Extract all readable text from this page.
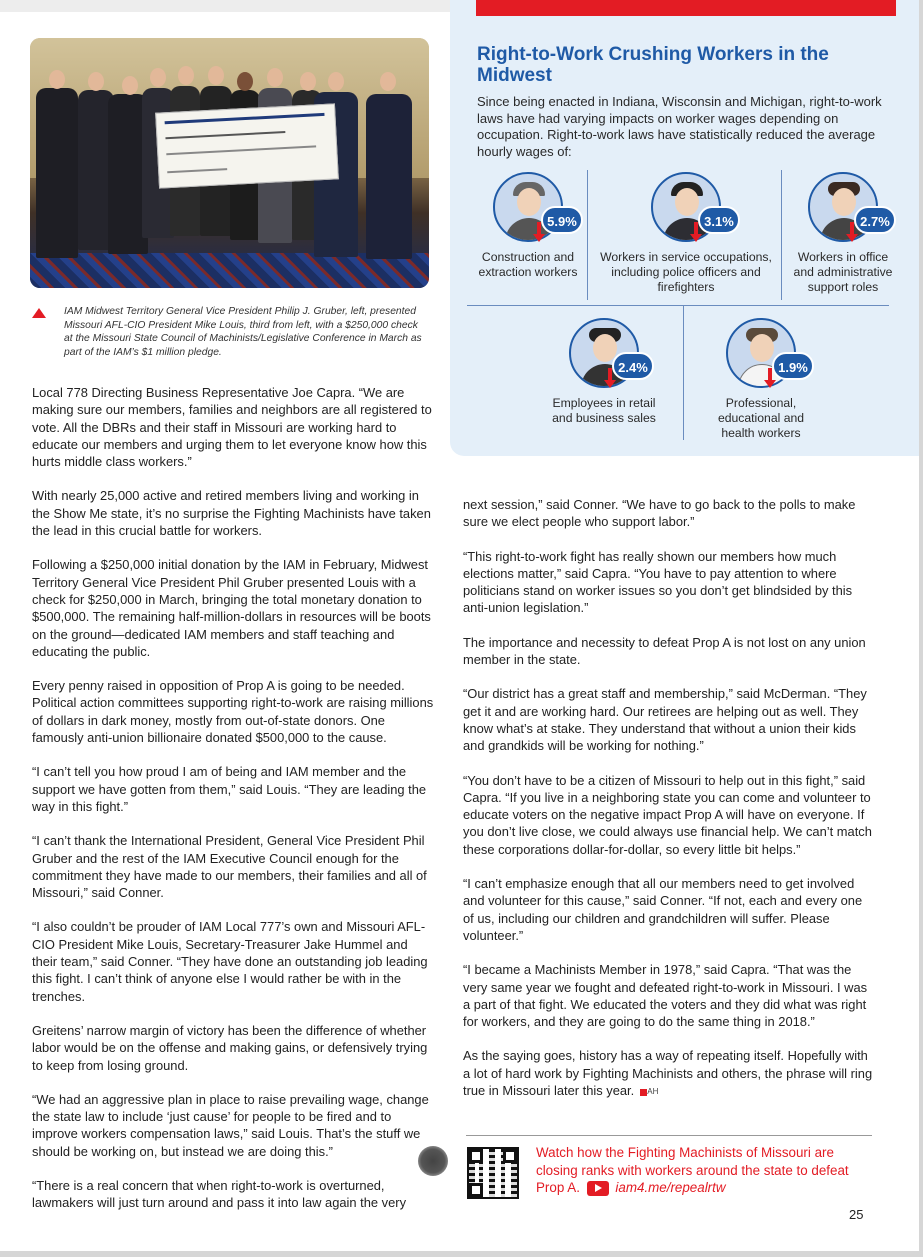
Right-to-Work Crushing Workers in the Midwest
Since being enacted in Indiana, Wisconsin and Michigan, right-to-work laws have had varying impacts on worker wages depending on occupation. Right-to-work laws have statistically reduced the average hourly wages of:
5.9%
Construction and extraction workers
3.1%
Workers in service occupations, including police officers and firefighters
2.7%
Workers in office and administrative support roles
2.4%
Employees in retail and business sales
1.9%
Professional, educational and health workers
IAM Midwest Territory General Vice President Philip J. Gruber, left, presented Missouri AFL-CIO President Mike Louis, third from left, with a $250,000 check at the Missouri State Council of Machinists/Legislative Conference in March as part of the IAM’s $1 million pledge.

Local 778 Directing Business Representative Joe Capra. “We are making sure our members, families and neighbors are all registered to vote. All the DBRs and their staff in Missouri are working hard to educate our members and urging them to let everyone know how this hurts middle class workers.”

With nearly 25,000 active and retired members living and working in the Show Me state, it’s no surprise the Fighting Machinists have taken the lead in this crucial battle for workers.

Following a $250,000 initial donation by the IAM in February, Midwest Territory General Vice President Phil Gruber presented Louis with a check for $250,000 in March, bringing the total monetary donation to $500,000. The remaining half-million-dollars in resources will be boots on the ground—dedicated IAM members and staff teaching and educating the public.

Every penny raised in opposition of Prop A is going to be needed. Political action committees supporting right-to-work are raising millions of dollars in dark money, mostly from out-of-state donors. One famously anti-union billionaire donated $500,000 to the cause.

“I can’t tell you how proud I am of being and IAM member and the support we have gotten from them,” said Louis. “They are leading the way in this fight.”

“I can’t thank the International President, General Vice President Phil Gruber and the rest of the IAM Executive Council enough for the commitment they have made to our members, their families and all of Missouri,” said Conner.

“I also couldn’t be prouder of IAM Local 777’s own and Missouri AFL-CIO President Mike Louis, Secretary-Treasurer Jake Hummel and their team,” said Conner. “They have done an outstanding job leading this fight. I can’t think of anyone else I would rather be with in the trenches.

Greitens’ narrow margin of victory has been the difference of whether labor would be on the offense and making gains, or defensively trying to keep from losing ground.

“We had an aggressive plan in place to raise prevailing wage, change the state law to include ‘just cause’ for people to be fired and to improve workers compensation laws,” said Louis. That’s the stuff we should be working on, but instead we are doing this.”

“There is a real concern that when right-to-work is overturned, lawmakers will just turn around and pass it into law again the very

next session,” said Conner. “We have to go back to the polls to make sure we elect people who support labor.”

“This right-to-work fight has really shown our members how much elections matter,” said Capra. “You have to pay attention to where politicians stand on worker issues so you don’t get blindsided by this anti-union legislation.”

The importance and necessity to defeat Prop A is not lost on any union member in the state.

“Our district has a great staff and membership,” said McDerman. “They get it and are working hard. Our retirees are helping out as well. They know what’s at stake. They understand that without a union their kids and grandkids will be working for nothing.”

“You don’t have to be a citizen of Missouri to help out in this fight,” said Capra. “If you live in a neighboring state you can come and volunteer to educate voters on the negative impact Prop A will have on everyone. If you don’t live close, we could always use financial help. We can’t match these corporations dollar-for-dollar, so every little bit helps.”

“I can’t emphasize enough that all our members need to get involved and volunteer for this cause,” said Conner. “If not, each and every one of us, including our children and grandchildren will suffer. Please volunteer.”

“I became a Machinists Member in 1978,” said Capra. “That was the very same year we fought and defeated right-to-work in Missouri. I was a part of that fight. We educated the voters and they did what was right for workers, and they are going to do the same thing in 2018.”

As the saying goes, history has a way of repeating itself. Hopefully with a lot of hard work by Fighting Machinists and others, the phrase will ring true in Missouri later this year. AH

Watch how the Fighting Machinists of Missouri are closing ranks with workers around the state to defeat Prop A.	iam4.me/repealrtw
25
